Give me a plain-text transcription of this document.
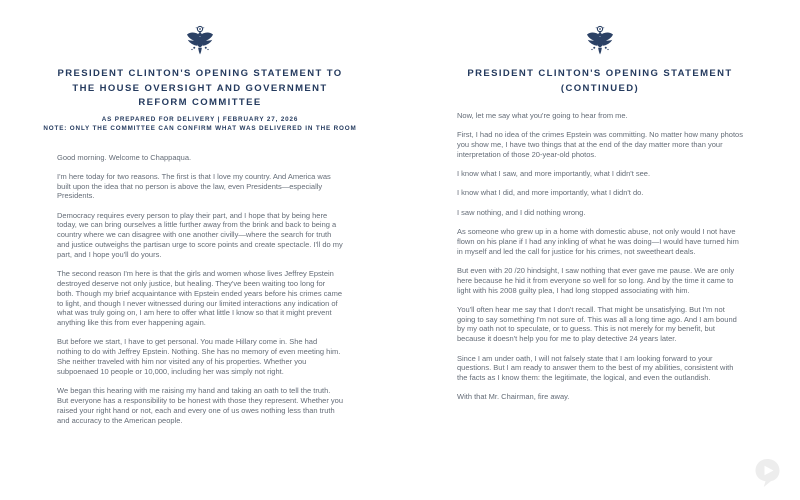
PRESIDENT CLINTON'S OPENING STATEMENT TO
THE HOUSE OVERSIGHT AND GOVERNMENT
REFORM COMMITTEE
AS PREPARED FOR DELIVERY | FEBRUARY 27, 2026
NOTE: ONLY THE COMMITTEE CAN CONFIRM WHAT WAS DELIVERED IN THE ROOM

Good morning. Welcome to Chappaqua.

I'm here today for two reasons. The first is that I love my country. And America was built upon the idea that no person is above the law, even Presidents—especially Presidents.

Democracy requires every person to play their part, and I hope that by being here today, we can bring ourselves a little further away from the brink and back to being a country where we can disagree with one another civilly—where the search for truth and justice outweighs the partisan urge to score points and create spectacle. I'll do my part, and I hope you'll do yours.

The second reason I'm here is that the girls and women whose lives Jeffrey Epstein destroyed deserve not only justice, but healing. They've been waiting too long for both. Though my brief acquaintance with Epstein ended years before his crimes came to light, and though I never witnessed during our limited interactions any indication of what was truly going on, I am here to offer what little I know so that it might prevent anything like this from ever happening again.

But before we start, I have to get personal. You made Hillary come in. She had nothing to do with Jeffrey Epstein. Nothing. She has no memory of even meeting him. She neither traveled with him nor visited any of his properties. Whether you subpoenaed 10 people or 10,000, including her was simply not right.

We began this hearing with me raising my hand and taking an oath to tell the truth. But everyone has a responsibility to be honest with those they represent. Whether you raised your right hand or not, each and every one of us owes nothing less than truth and accuracy to the American people.

PRESIDENT CLINTON'S OPENING STATEMENT
(CONTINUED)

Now, let me say what you're going to hear from me.

First, I had no idea of the crimes Epstein was committing. No matter how many photos you show me, I have two things that at the end of the day matter more than your interpretation of those 20-year-old photos.

I know what I saw, and more importantly, what I didn't see.

I know what I did, and more importantly, what I didn't do.

I saw nothing, and I did nothing wrong.

As someone who grew up in a home with domestic abuse, not only would I not have flown on his plane if I had any inkling of what he was doing—I would have turned him in myself and led the call for justice for his crimes, not sweetheart deals.

But even with 20 /20 hindsight, I saw nothing that ever gave me pause. We are only here because he hid it from everyone so well for so long. And by the time it came to light with his 2008 guilty plea, I had long stopped associating with him.

You'll often hear me say that I don't recall. That might be unsatisfying. But I'm not going to say something I'm not sure of. This was all a long time ago. And I am bound by my oath not to speculate, or to guess. This is not merely for my benefit, but because it doesn't help you for me to play detective 24 years later.

Since I am under oath, I will not falsely state that I am looking forward to your questions. But I am ready to answer them to the best of my abilities, consistent with the facts as I know them: the legitimate, the logical, and even the outlandish.

With that Mr. Chairman, fire away.
